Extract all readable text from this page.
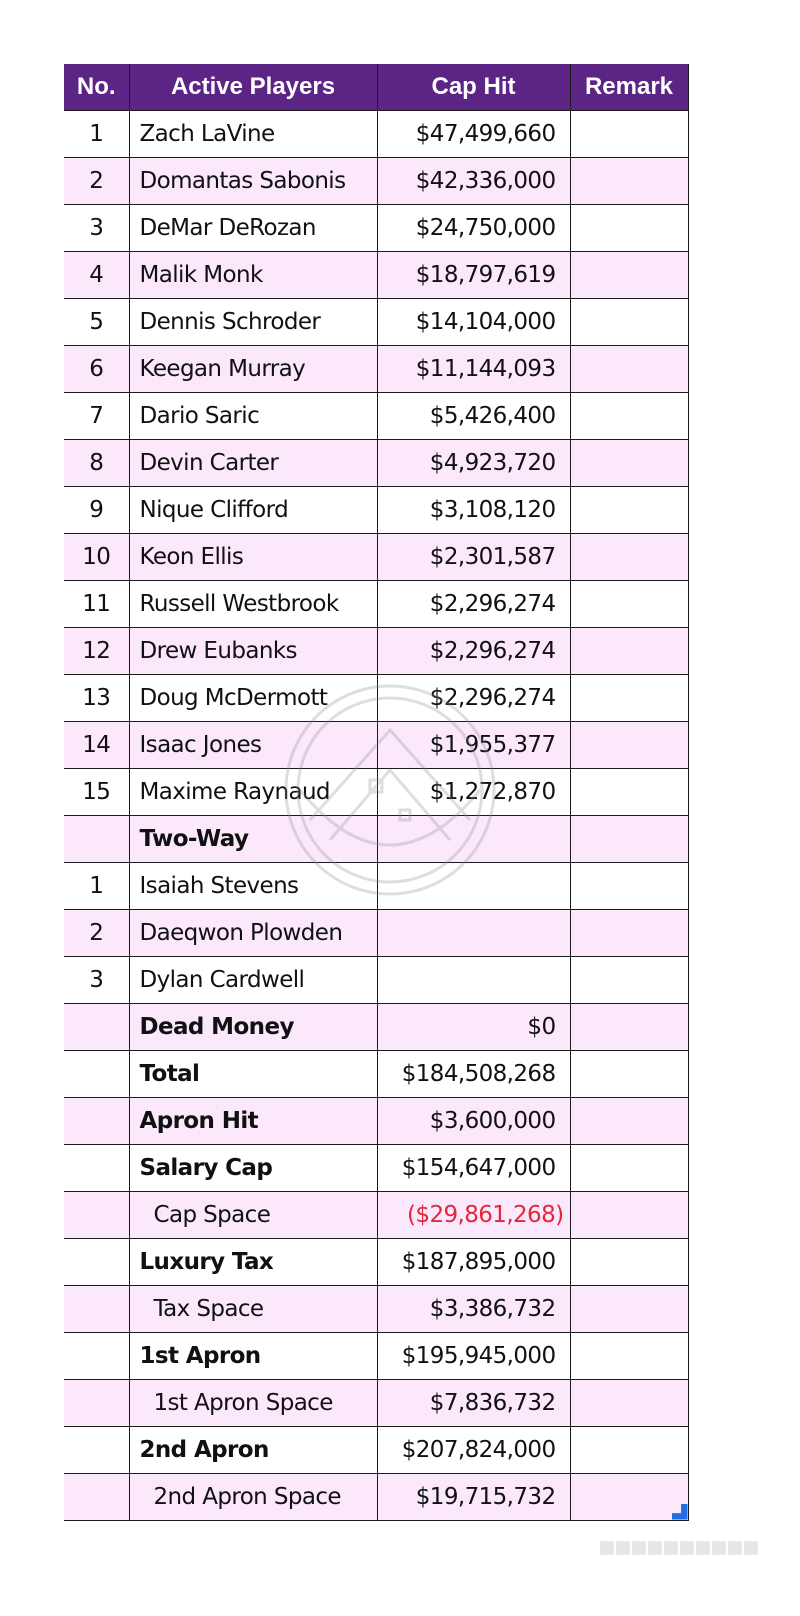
No.	Active Players	Cap Hit	Remark
1	Zach LaVine	$47,499,660	
2	Domantas Sabonis	$42,336,000	
3	DeMar DeRozan	$24,750,000	
4	Malik Monk	$18,797,619	
5	Dennis Schroder	$14,104,000	
6	Keegan Murray	$11,144,093	
7	Dario Saric	$5,426,400	
8	Devin Carter	$4,923,720	
9	Nique Clifford	$3,108,120	
10	Keon Ellis	$2,301,587	
11	Russell Westbrook	$2,296,274	
12	Drew Eubanks	$2,296,274	
13	Doug McDermott	$2,296,274	
14	Isaac Jones	$1,955,377	
15	Maxime Raynaud	$1,272,870	
	Two-Way		
1	Isaiah Stevens		
2	Daeqwon Plowden		
3	Dylan Cardwell		
	Dead Money	$0	
	Total	$184,508,268	
	Apron Hit	$3,600,000	
	Salary Cap	$154,647,000	
	Cap Space	($29,861,268)	
	Luxury Tax	$187,895,000	
	Tax Space	$3,386,732	
	1st Apron	$195,945,000	
	1st Apron Space	$7,836,732	
	2nd Apron	$207,824,000	
	2nd Apron Space	$19,715,732	
